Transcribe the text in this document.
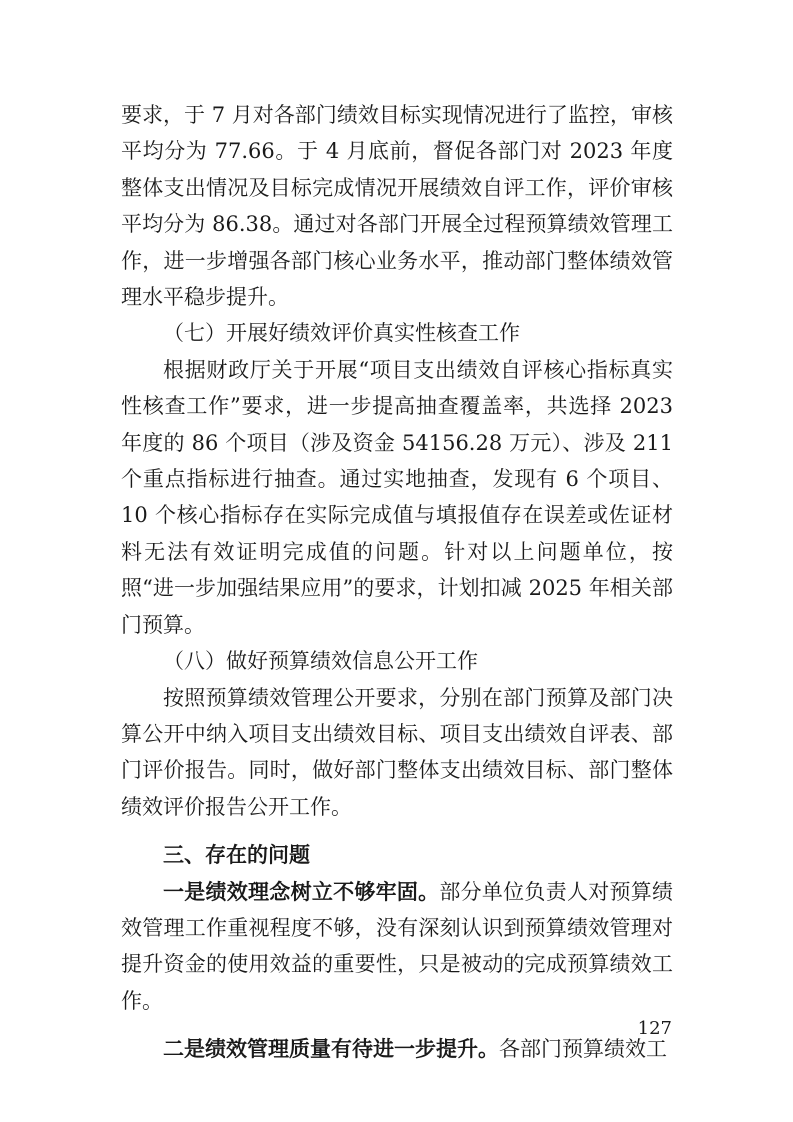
要求，于 7 月对各部门绩效目标实现情况进行了监控，审核平均分为 77.66。于 4 月底前，督促各部门对 2023 年度整体支出情况及目标完成情况开展绩效自评工作，评价审核平均分为 86.38。通过对各部门开展全过程预算绩效管理工作，进一步增强各部门核心业务水平，推动部门整体绩效管理水平稳步提升。

（七）开展好绩效评价真实性核查工作

根据财政厅关于开展“项目支出绩效自评核心指标真实性核查工作”要求，进一步提高抽查覆盖率，共选择 2023 年度的 86 个项目（涉及资金 54156.28 万元）、涉及 211 个重点指标进行抽查。通过实地抽查，发现有 6 个项目、10 个核心指标存在实际完成值与填报值存在误差或佐证材料无法有效证明完成值的问题。针对以上问题单位，按照“进一步加强结果应用”的要求，计划扣减 2025 年相关部门预算。

（八）做好预算绩效信息公开工作

按照预算绩效管理公开要求，分别在部门预算及部门决算公开中纳入项目支出绩效目标、项目支出绩效自评表、部门评价报告。同时，做好部门整体支出绩效目标、部门整体绩效评价报告公开工作。

三、存在的问题

一是绩效理念树立不够牢固。部分单位负责人对预算绩效管理工作重视程度不够，没有深刻认识到预算绩效管理对提升资金的使用效益的重要性，只是被动的完成预算绩效工作。

二是绩效管理质量有待进一步提升。各部门预算绩效工

127
